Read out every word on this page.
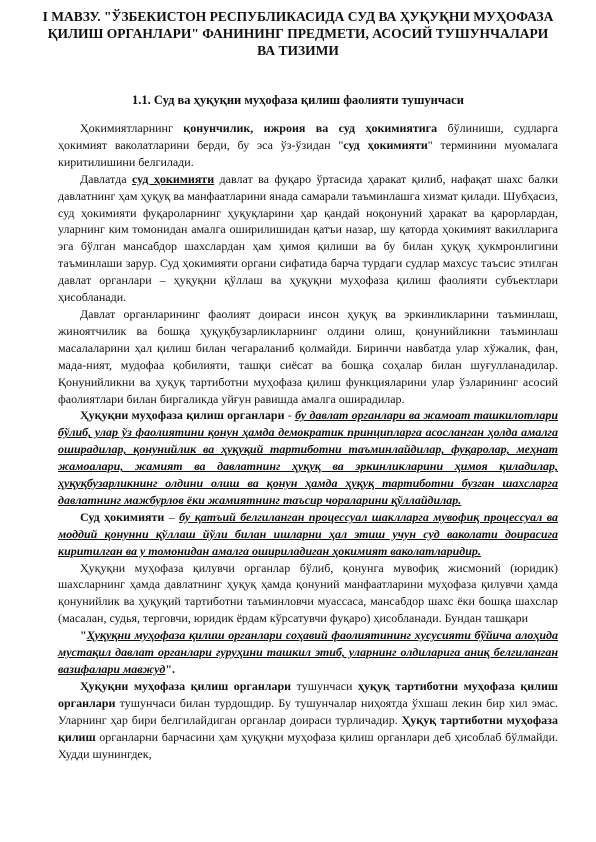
I МАВЗУ. "ЎЗБЕКИСТОН РЕСПУБЛИКАСИДА СУД ВА ҲУҚУҚНИ МУҲОФАЗА ҚИЛИШ ОРГАНЛАРИ" ФАНИНИНГ ПРЕДМЕТИ, АСОСИЙ ТУШУНЧАЛАРИ ВА ТИЗИМИ
1.1. Суд ва ҳуқуқни муҳофаза қилиш фаолияти тушунчаси

Ҳокимиятларнинг қонунчилик, ижроия ва суд ҳокимиятига бўлиниши, судларга ҳокимият ваколатларини берди, бу эса ўз-ўзидан "суд ҳокимияти" терминини муомалага киритилишини белгилади.

Давлатда суд ҳокимияти давлат ва фуқаро ўртасида ҳаракат қилиб, нафақат шахс балки давлатнинг ҳам ҳуқуқ ва манфаатларини янада самарали таъминлашга хизмат қилади. Шубҳасиз, суд ҳокимияти фуқароларнинг ҳуқуқларини ҳар қандай ноқонуний ҳаракат ва қарорлардан, уларнинг ким томонидан амалга оширилишидан қатъи назар, шу қаторда ҳокимият вакилларига эга бўлган мансабдор шахслардан ҳам ҳимоя қилиши ва бу билан ҳуқуқ ҳукмронлигини таъминлаши зарур. Суд ҳокимияти органи сифатида барча турдаги судлар махсус таъсис этилган давлат органлари – ҳуқуқни қўллаш ва ҳуқуқни муҳофаза қилиш фаолияти субъектлари ҳисобланади.

Давлат органларининг фаолият доираси инсон ҳуқуқ ва эркинликларини таъминлаш, жиноятчилик ва бошқа ҳуқуқбузарликларнинг олдини олиш, қонунийликни таъминлаш масалаларини ҳал қилиш билан чегараланиб қолмайди. Биринчи навбатда улар хўжалик, фан, мада-ният, мудофаа қобилияти, ташқи сиёсат ва бошқа соҳалар билан шуғулланадилар. Қонунийликни ва ҳуқуқ тартиботни муҳофаза қилиш функцияларини улар ўзларининг асосий фаолиятлари билан биргаликда уйғун равишда амалга оширадилар.

Ҳуқуқни муҳофаза қилиш органлари - бу давлат органлари ва жамоат ташкилотлари бўлиб, улар ўз фаолиятини қонун ҳамда демократик принципларга асосланган ҳолда амалга оширадилар, қонунийлик ва ҳуқуқий тартиботни таъминлайдилар, фуқаролар, меҳнат жамоалари, жамият ва давлатнинг ҳуқуқ ва эркинликларини ҳимоя қиладилар, ҳуқуқбузарликнинг олдини олиш ва қонун ҳамда ҳуқуқ тартиботни бузган шахсларга давлатнинг мажбурлов ёки жамиятнинг таъсир чораларини қўллайдилар.

Суд ҳокимияти – бу қатъий белгиланган процессуал шаклларга мувофиқ процессуал ва моддий қонунни қўллаш йўли билан ишларни ҳал этиш учун суд ваколати доирасига киритилган ва у томонидан амалга ошириладиган ҳокимият ваколатларидир.

Ҳуқуқни муҳофаза қилувчи органлар бўлиб, қонунга мувофиқ жисмоний (юридик) шахсларнинг ҳамда давлатнинг ҳуқуқ ҳамда қонуний манфаатларини муҳофаза қилувчи ҳамда қонунийлик ва ҳуқуқий тартиботни таъминловчи муассаса, мансабдор шахс ёки бошқа шахслар (масалан, судья, терговчи, юридик ёрдам кўрсатувчи фуқаро) ҳисобланади. Бундан ташқари

"Ҳуқуқни муҳофаза қилиш органлари соҳавий фаолиятининг хусусияти бўйича алоҳида мустақил давлат органлари гуруҳини ташкил этиб, уларнинг олдиларига аниқ белгиланган вазифалари мавжуд".

Ҳуқуқни муҳофаза қилиш органлари тушунчаси ҳуқуқ тартиботни муҳофаза қилиш органлари тушунчаси билан турдошдир. Бу тушунчалар ниҳоятда ўхшаш лекин бир хил эмас. Уларнинг ҳар бири белгилайдиган органлар доираси турличадир. Ҳуқуқ тартиботни муҳофаза қилиш органларни барчасини ҳам ҳуқуқни муҳофаза қилиш органлари деб ҳисоблаб бўлмайди. Худди шунингдек,
